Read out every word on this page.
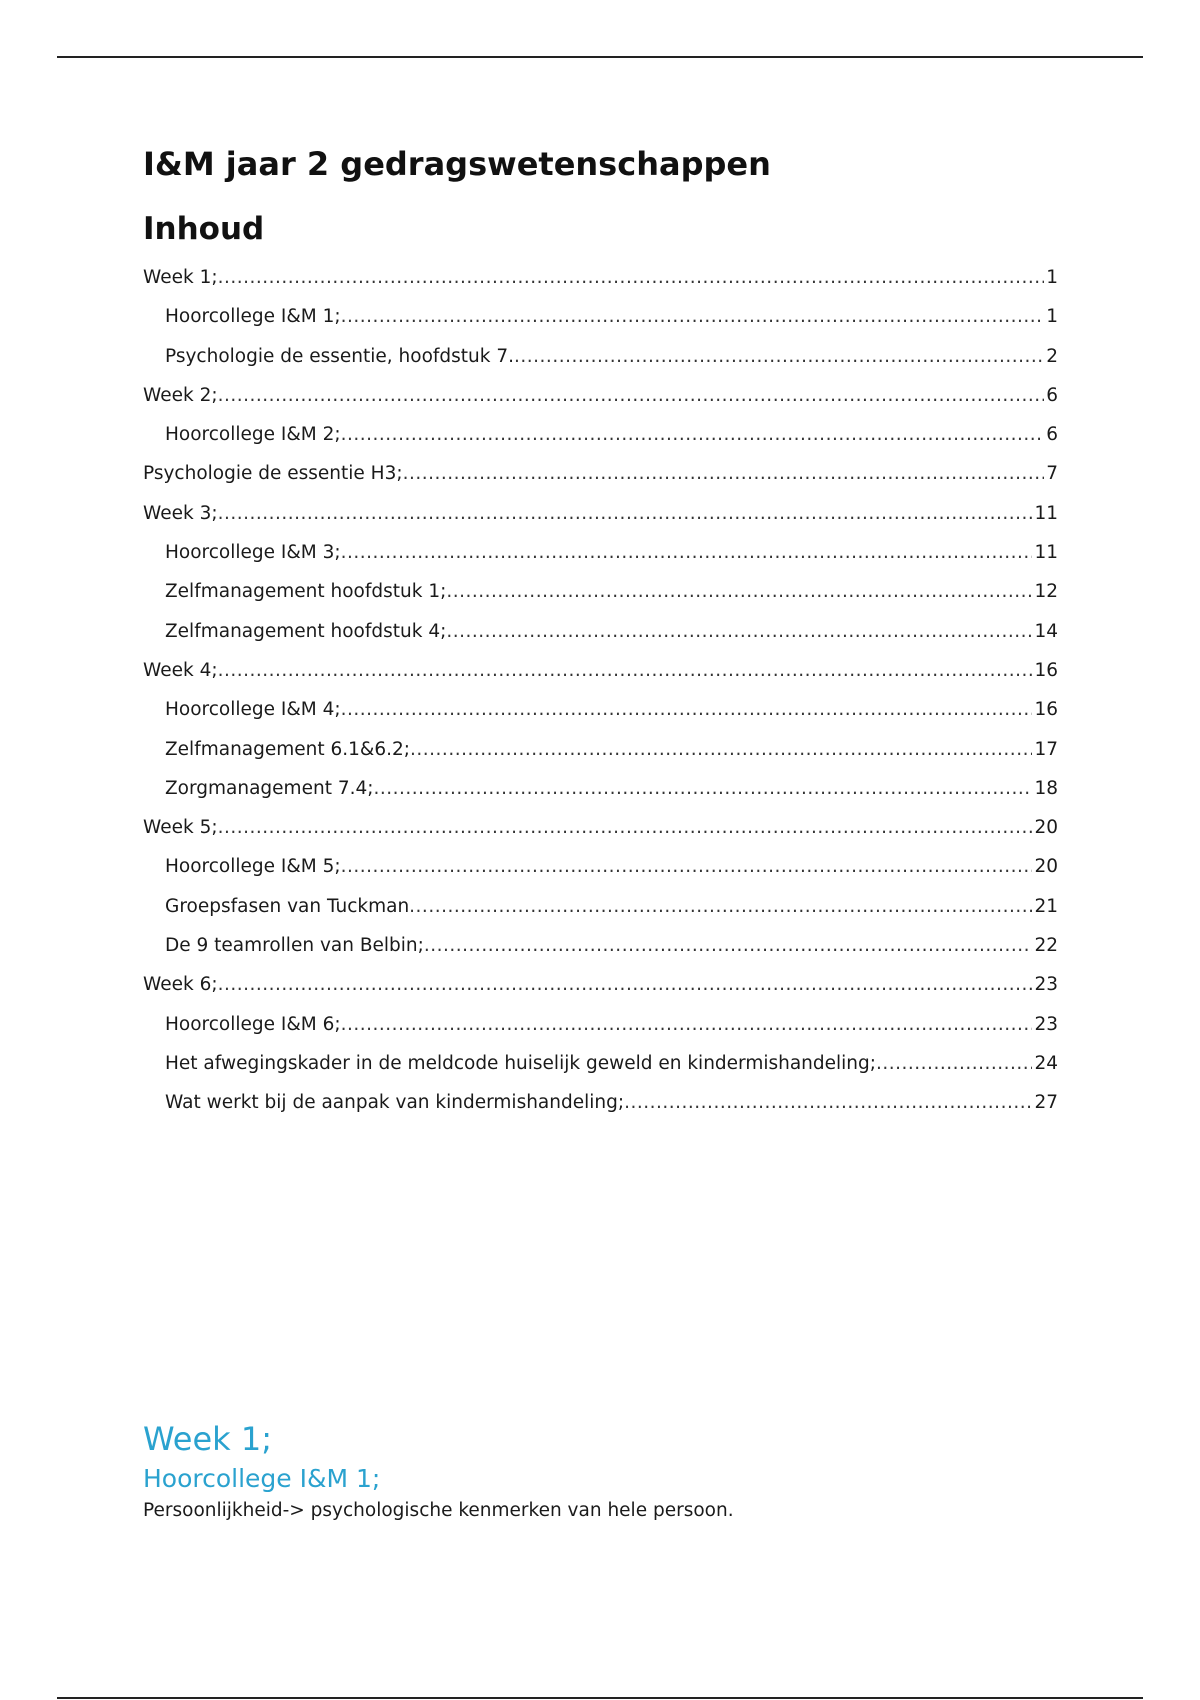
I&M jaar 2 gedragswetenschappen
Inhoud
Week 1; .....	1
Hoorcollege I&M 1; .....	1
Psychologie de essentie, hoofdstuk 7. .....	2
Week 2; .....	6
Hoorcollege I&M 2; .....	6
Psychologie de essentie H3; .....	7
Week 3; .....	11
Hoorcollege I&M 3; .....	11
Zelfmanagement hoofdstuk 1; .....	12
Zelfmanagement hoofdstuk 4; .....	14
Week 4; .....	16
Hoorcollege I&M 4; .....	16
Zelfmanagement 6.1&6.2; .....	17
Zorgmanagement 7.4; .....	18
Week 5; .....	20
Hoorcollege I&M 5; .....	20
Groepsfasen van Tuckman .....	21
De 9 teamrollen van Belbin; .....	22
Week 6; .....	23
Hoorcollege I&M 6; .....	23
Het afwegingskader in de meldcode huiselijk geweld en kindermishandeling; .....	24
Wat werkt bij de aanpak van kindermishandeling; .....	27
Week 1;
Hoorcollege I&M 1;

Persoonlijkheid-> psychologische kenmerken van hele persoon.
